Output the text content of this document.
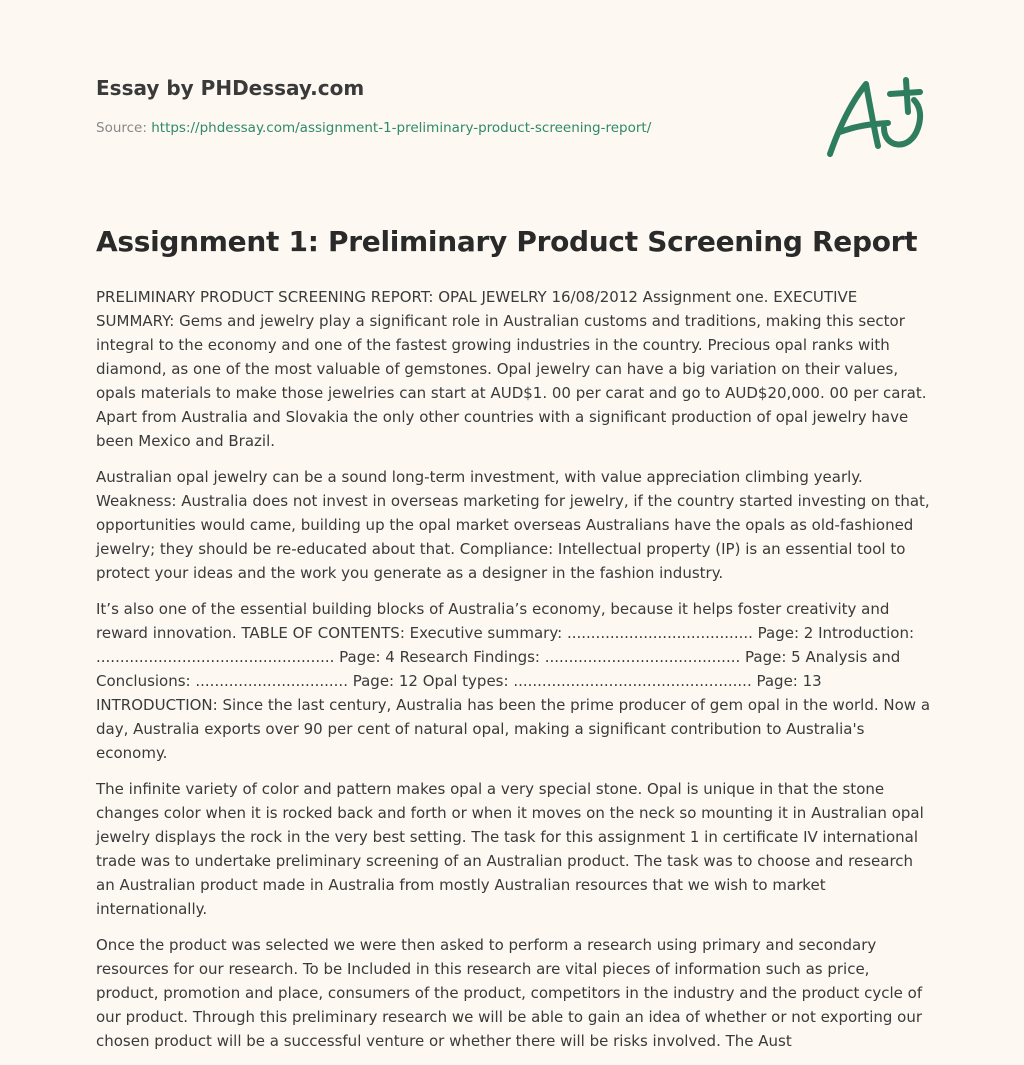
Essay by PHDessay.com

Source: https://phdessay.com/assignment-1-preliminary-product-screening-report/
Assignment 1: Preliminary Product Screening Report

PRELIMINARY PRODUCT SCREENING REPORT: OPAL JEWELRY 16/08/2012 Assignment one. EXECUTIVE SUMMARY: Gems and jewelry play a significant role in Australian customs and traditions, making this sector integral to the economy and one of the fastest growing industries in the country. Precious opal ranks with diamond, as one of the most valuable of gemstones. Opal jewelry can have a big variation on their values, opals materials to make those jewelries can start at AUD$1. 00 per carat and go to AUD$20,000. 00 per carat. Apart from Australia and Slovakia the only other countries with a significant production of opal jewelry have been Mexico and Brazil.

Australian opal jewelry can be a sound long-term investment, with value appreciation climbing yearly. Weakness: Australia does not invest in overseas marketing for jewelry, if the country started investing on that, opportunities would came, building up the opal market overseas Australians have the opals as old-fashioned jewelry; they should be re-educated about that. Compliance: Intellectual property (IP) is an essential tool to protect your ideas and the work you generate as a designer in the fashion industry.

It’s also one of the essential building blocks of Australia’s economy, because it helps foster creativity and reward innovation. TABLE OF CONTENTS: Executive summary: ....................................... Page: 2 Introduction: .................................................. Page: 4 Research Findings: ......................................... Page: 5 Analysis and Conclusions: ................................ Page: 12 Opal types: .................................................. Page: 13 INTRODUCTION: Since the last century, Australia has been the prime producer of gem opal in the world. Now a day, Australia exports over 90 per cent of natural opal, making a significant contribution to Australia's economy.

The infinite variety of color and pattern makes opal a very special stone. Opal is unique in that the stone changes color when it is rocked back and forth or when it moves on the neck so mounting it in Australian opal jewelry displays the rock in the very best setting. The task for this assignment 1 in certificate IV international trade was to undertake preliminary screening of an Australian product. The task was to choose and research an Australian product made in Australia from mostly Australian resources that we wish to market internationally.

Once the product was selected we were then asked to perform a research using primary and secondary resources for our research. To be Included in this research are vital pieces of information such as price, product, promotion and place, consumers of the product, competitors in the industry and the product cycle of our product. Through this preliminary research we will be able to gain an idea of whether or not exporting our chosen product will be a successful venture or whether there will be risks involved. The Aust
